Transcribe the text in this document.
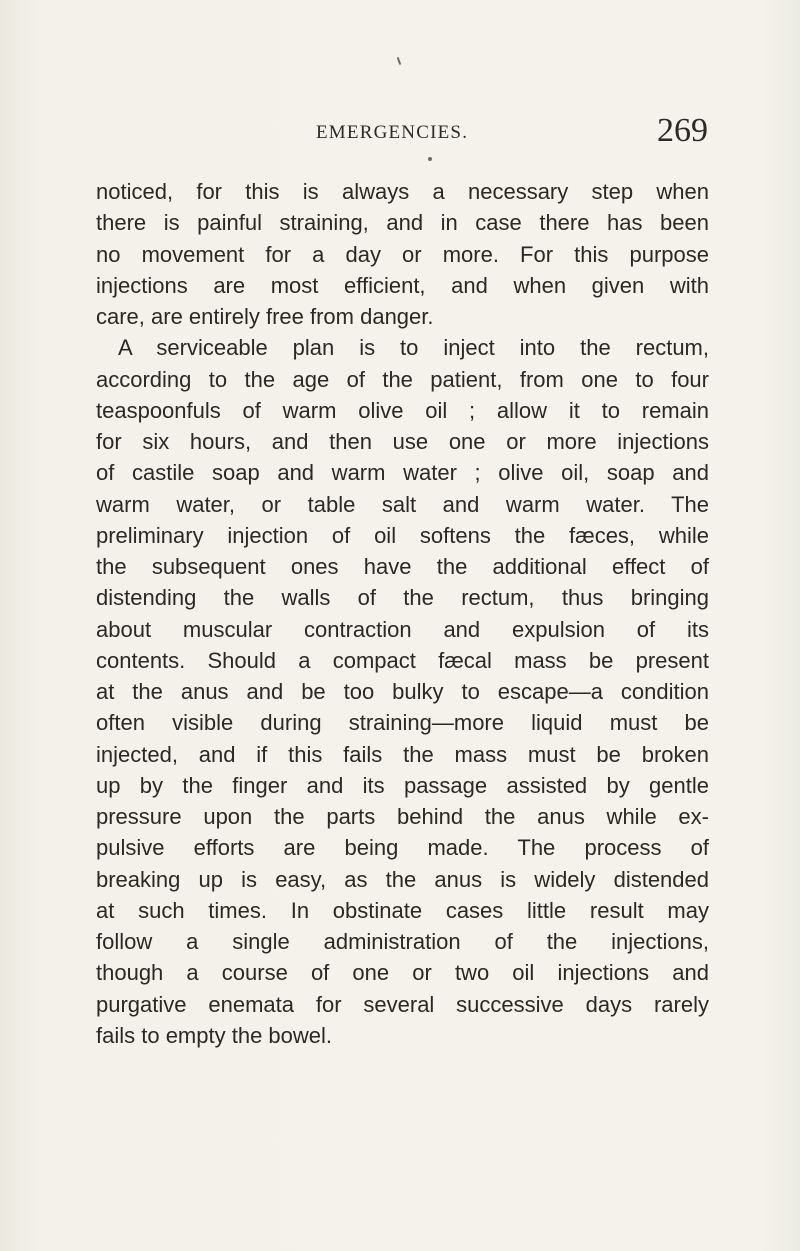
EMERGENCIES.	269
noticed, for this is always a necessary step when
there is painful straining, and in case there has been
no movement for a day or more. For this purpose
injections are most efficient, and when given with
care, are entirely free from danger.
A serviceable plan is to inject into the rectum,
according to the age of the patient, from one to four
teaspoonfuls of warm olive oil ; allow it to remain
for six hours, and then use one or more injections
of castile soap and warm water ; olive oil, soap and
warm water, or table salt and warm water. The
preliminary injection of oil softens the fæces, while
the subsequent ones have the additional effect of
distending the walls of the rectum, thus bringing
about muscular contraction and expulsion of its
contents. Should a compact fæcal mass be present
at the anus and be too bulky to escape—a condition
often visible during straining—more liquid must be
injected, and if this fails the mass must be broken
up by the finger and its passage assisted by gentle
pressure upon the parts behind the anus while ex-
pulsive efforts are being made. The process of
breaking up is easy, as the anus is widely distended
at such times. In obstinate cases little result may
follow a single administration of the injections,
though a course of one or two oil injections and
purgative enemata for several successive days rarely
fails to empty the bowel.
